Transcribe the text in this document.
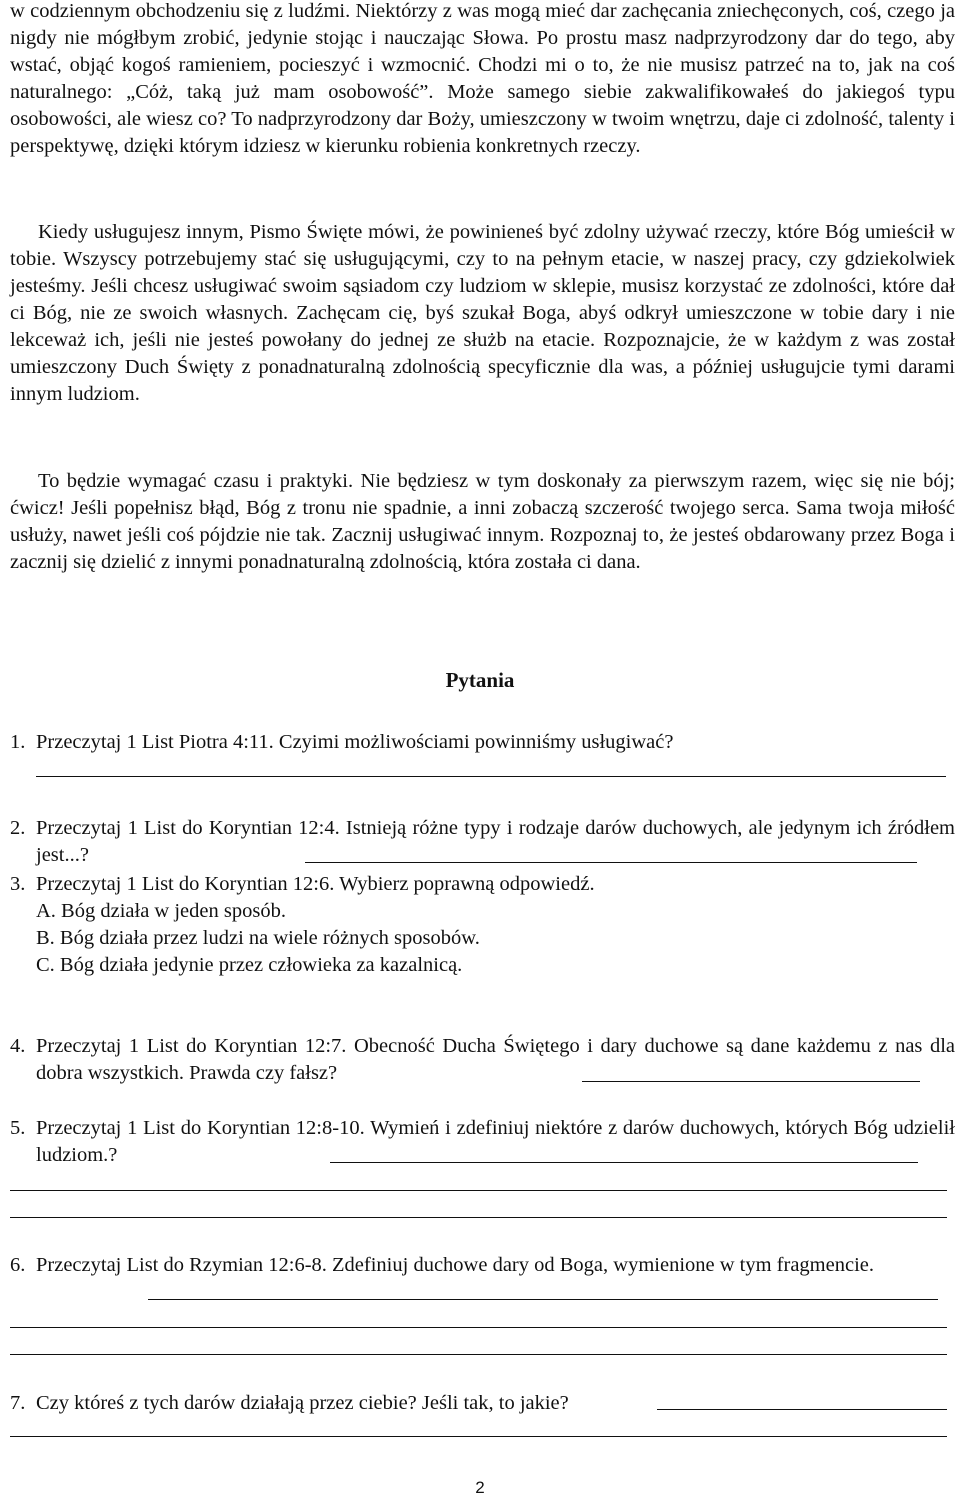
w codziennym obchodzeniu się z ludźmi. Niektórzy z was mogą mieć dar zachęcania zniechęconych, coś, czego ja nigdy nie mógłbym zrobić, jedynie stojąc i nauczając Słowa. Po prostu masz nadprzyrodzony dar do tego, aby wstać, objąć kogoś ramieniem, pocieszyć i wzmocnić. Chodzi mi o to, że nie musisz patrzeć na to, jak na coś naturalnego: „Cóż, taką już mam osobowość”. Może samego siebie zakwalifikowałeś do jakiegoś typu osobowości, ale wiesz co? To nadprzyrodzony dar Boży, umieszczony w twoim wnętrzu, daje ci zdolność, talenty i perspektywę, dzięki którym idziesz w kierunku robienia konkretnych rzeczy.

Kiedy usługujesz innym, Pismo Święte mówi, że powinieneś być zdolny używać rzeczy, które Bóg umieścił w tobie. Wszyscy potrzebujemy stać się usługującymi, czy to na pełnym etacie, w naszej pracy, czy gdziekolwiek jesteśmy. Jeśli chcesz usługiwać swoim sąsiadom czy ludziom w sklepie, musisz korzystać ze zdolności, które dał ci Bóg, nie ze swoich własnych. Zachęcam cię, byś szukał Boga, abyś odkrył umieszczone w tobie dary i nie lekceważ ich, jeśli nie jesteś powołany do jednej ze służb na etacie. Rozpoznajcie, że w każdym z was został umieszczony Duch Święty z ponadnaturalną zdolnością specyficznie dla was, a później usługujcie tymi darami innym ludziom.

To będzie wymagać czasu i praktyki. Nie będziesz w tym doskonały za pierwszym razem, więc się nie bój; ćwicz! Jeśli popełnisz błąd, Bóg z tronu nie spadnie, a inni zobaczą szczerość twojego serca. Sama twoja miłość usłuży, nawet jeśli coś pójdzie nie tak. Zacznij usługiwać innym. Rozpoznaj to, że jesteś obdarowany przez Boga i zacznij się dzielić z innymi ponadnaturalną zdolnością, która została ci dana.

Pytania
1. Przeczytaj 1 List Piotra 4:11. Czyimi możliwościami powinniśmy usługiwać?
2. Przeczytaj 1 List do Koryntian 12:4. Istnieją różne typy i rodzaje darów duchowych, ale jedynym ich źródłem jest...?
3. Przeczytaj 1 List do Koryntian 12:6. Wybierz poprawną odpowiedź.
A. Bóg działa w jeden sposób.
B. Bóg działa przez ludzi na wiele różnych sposobów.
C. Bóg działa jedynie przez człowieka za kazalnicą.
4. Przeczytaj 1 List do Koryntian 12:7. Obecność Ducha Świętego i dary duchowe są dane każdemu z nas dla dobra wszystkich. Prawda czy fałsz?
5. Przeczytaj 1 List do Koryntian 12:8-10. Wymień i zdefiniuj niektóre z darów duchowych, których Bóg udzielił ludziom.?
6. Przeczytaj List do Rzymian 12:6-8. Zdefiniuj duchowe dary od Boga, wymienione w tym fragmencie.
7. Czy któreś z tych darów działają przez ciebie? Jeśli tak, to jakie?
2
